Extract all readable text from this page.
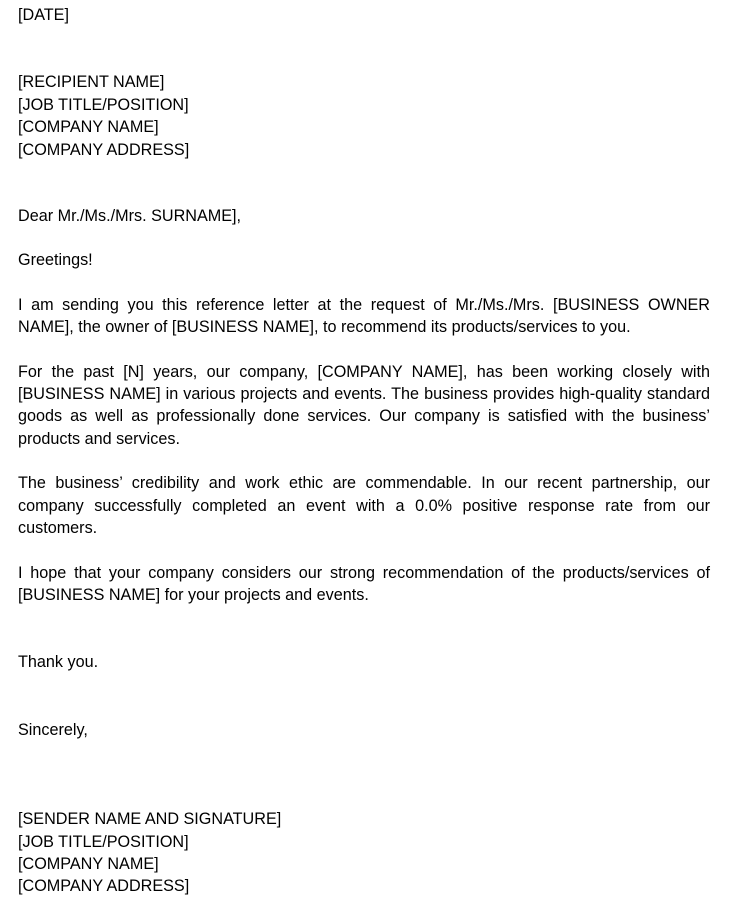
[DATE]
[RECIPIENT NAME]
[JOB TITLE/POSITION]
[COMPANY NAME]
[COMPANY ADDRESS]
Dear Mr./Ms./Mrs. SURNAME],
Greetings!

I am sending you this reference letter at the request of Mr./Ms./Mrs. [BUSINESS OWNER NAME], the owner of [BUSINESS NAME], to recommend its products/services to you.

For the past [N] years, our company, [COMPANY NAME], has been working closely with [BUSINESS NAME] in various projects and events. The business provides high-quality standard goods as well as professionally done services. Our company is satisfied with the business’ products and services.

The business’ credibility and work ethic are commendable. In our recent partnership, our company successfully completed an event with a 0.0% positive response rate from our customers.

I hope that your company considers our strong recommendation of the products/services of [BUSINESS NAME] for your projects and events.

Thank you.
Sincerely,
[SENDER NAME AND SIGNATURE]
[JOB TITLE/POSITION]
[COMPANY NAME]
[COMPANY ADDRESS]
